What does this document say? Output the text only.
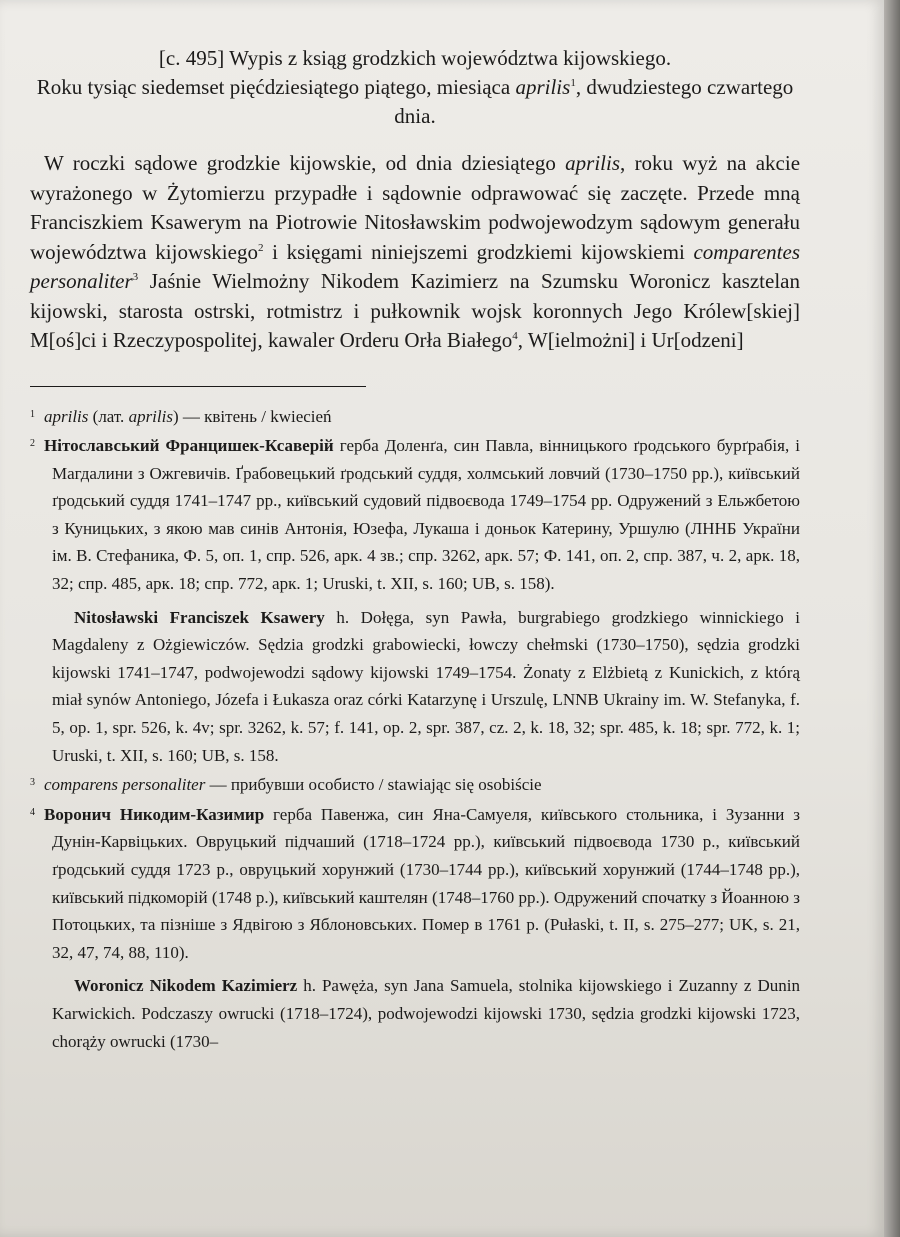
[c. 495] Wypis z ksiąg grodzkich województwa kijowskiego.
Roku tysiąc siedemset pięćdziesiątego piątego, miesiąca aprilis$^1$, dwudziestego czwartego dnia.

W roczki sądowe grodzkie kijowskie, od dnia dziesiątego aprilis, roku wyż na akcie wyrażonego w Żytomierzu przypadłe i sądownie odprawować się zaczęte. Przede mną Franciszkiem Ksawerym na Piotrowie Nitosławskim podwojewodzym sądowym generału województwa kijowskiego$^2$ i księgami niniejszemi grodzkiemi kijowskiemi comparentes personaliter$^3$ Jaśnie Wielmożny Nikodem Kazimierz na Szumsku Woronicz kasztelan kijowski, starosta ostrski, rotmistrz i pułkownik wojsk koronnych Jego Królew[skiej] M[oś]ci i Rzeczypospolitej, kawaler Orderu Orła Białego$^4$, W[ielmożni] i Ur[odzeni]

1 aprilis (лат. aprilis) — квітень / kwiecień

2 Нітославський Францишек-Ксаверій герба Доленґа, син Павла, вінницького ґродського бурґрабія, і Магдалини з Ожгевичів. Ґрабовецький ґродський суддя, холмський ловчий (1730–1750 рр.), київський ґродський суддя 1741–1747 рр., київський судовий підвоєвода 1749–1754 рр. Одружений з Ельжбетою з Куницьких, з якою мав синів Антонія, Юзефа, Лукаша і доньок Катерину, Уршулю (ЛННБ України ім. В. Стефаника, Ф. 5, оп. 1, спр. 526, арк. 4 зв.; спр. 3262, арк. 57; Ф. 141, оп. 2, спр. 387, ч. 2, арк. 18, 32; спр. 485, арк. 18; спр. 772, арк. 1; Uruski, t. XII, s. 160; UB, s. 158).

Nitosławski Franciszek Ksawery h. Dołęga, syn Pawła, burgrabiego grodzkiego winnickiego i Magdaleny z Ożgiewiczów. Sędzia grodzki grabowiecki, łowczy chełmski (1730–1750), sędzia grodzki kijowski 1741–1747, podwojewodzi sądowy kijowski 1749–1754. Żonaty z Elżbietą z Kunickich, z którą miał synów Antoniego, Józefa i Łukasza oraz córki Katarzynę i Urszulę, LNNB Ukrainy im. W. Stefanyka, f. 5, op. 1, spr. 526, k. 4v; spr. 3262, k. 57; f. 141, op. 2, spr. 387, cz. 2, k. 18, 32; spr. 485, k. 18; spr. 772, k. 1; Uruski, t. XII, s. 160; UB, s. 158.

3 comparens personaliter — прибувши особисто / stawiając się osobiście

4 Воронич Никодим-Казимир герба Павенжа, син Яна-Самуеля, київського стольника, і Зузанни з Дунін-Карвіцьких. Овруцький підчаший (1718–1724 рр.), київський підвоєвода 1730 р., київський ґродський суддя 1723 р., овруцький хорунжий (1730–1744 рр.), київський хорунжий (1744–1748 рр.), київський підкоморій (1748 р.), київський каштелян (1748–1760 рр.). Одружений спочатку з Йоанною з Потоцьких, та пізніше з Ядвігою з Яблоновських. Помер в 1761 р. (Pułaski, t. II, s. 275–277; UK, s. 21, 32, 47, 74, 88, 110).

Woronicz Nikodem Kazimierz h. Pawęża, syn Jana Samuela, stolnika kijowskiego i Zuzanny z Dunin Karwickich. Podczaszy owrucki (1718–1724), podwojewodzi kijowski 1730, sędzia grodzki kijowski 1723, chorąży owrucki (1730–
